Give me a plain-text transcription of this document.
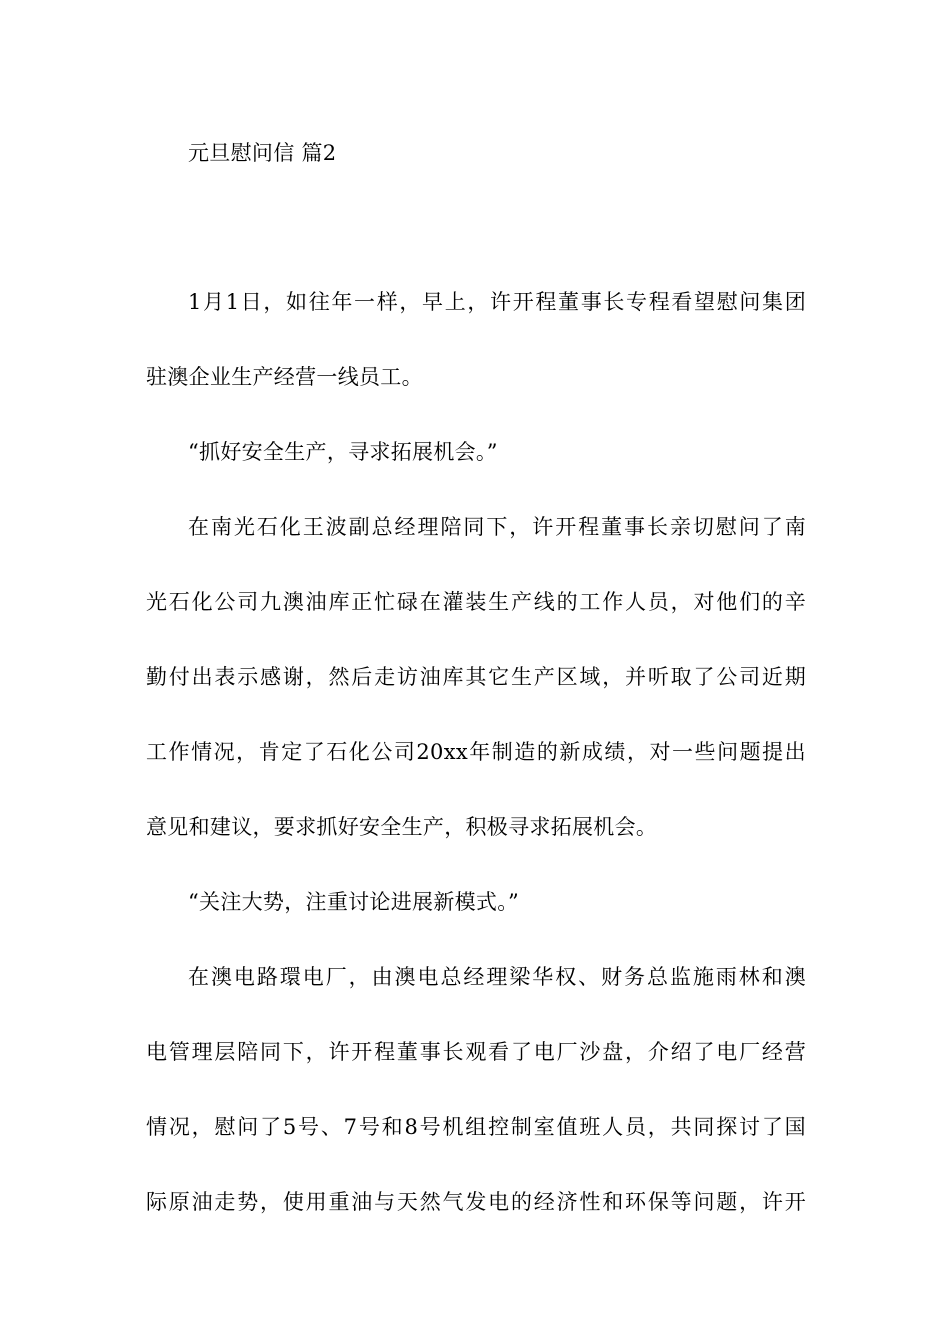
元旦慰问信 篇2
1月1日，如往年一样，早上，许开程董事长专程看望慰问集团
驻澳企业生产经营一线员工。
“抓好安全生产，寻求拓展机会。”
在南光石化王波副总经理陪同下，许开程董事长亲切慰问了南
光石化公司九澳油库正忙碌在灌装生产线的工作人员，对他们的辛
勤付出表示感谢，然后走访油库其它生产区域，并听取了公司近期
工作情况，肯定了石化公司20xx年制造的新成绩，对一些问题提出
意见和建议，要求抓好安全生产，积极寻求拓展机会。
“关注大势，注重讨论进展新模式。”
在澳电路環电厂，由澳电总经理梁华权、财务总监施雨林和澳
电管理层陪同下，许开程董事长观看了电厂沙盘，介绍了电厂经营
情况，慰问了5号、7号和8号机组控制室值班人员，共同探讨了国
际原油走势，使用重油与天然气发电的经济性和环保等问题，许开
